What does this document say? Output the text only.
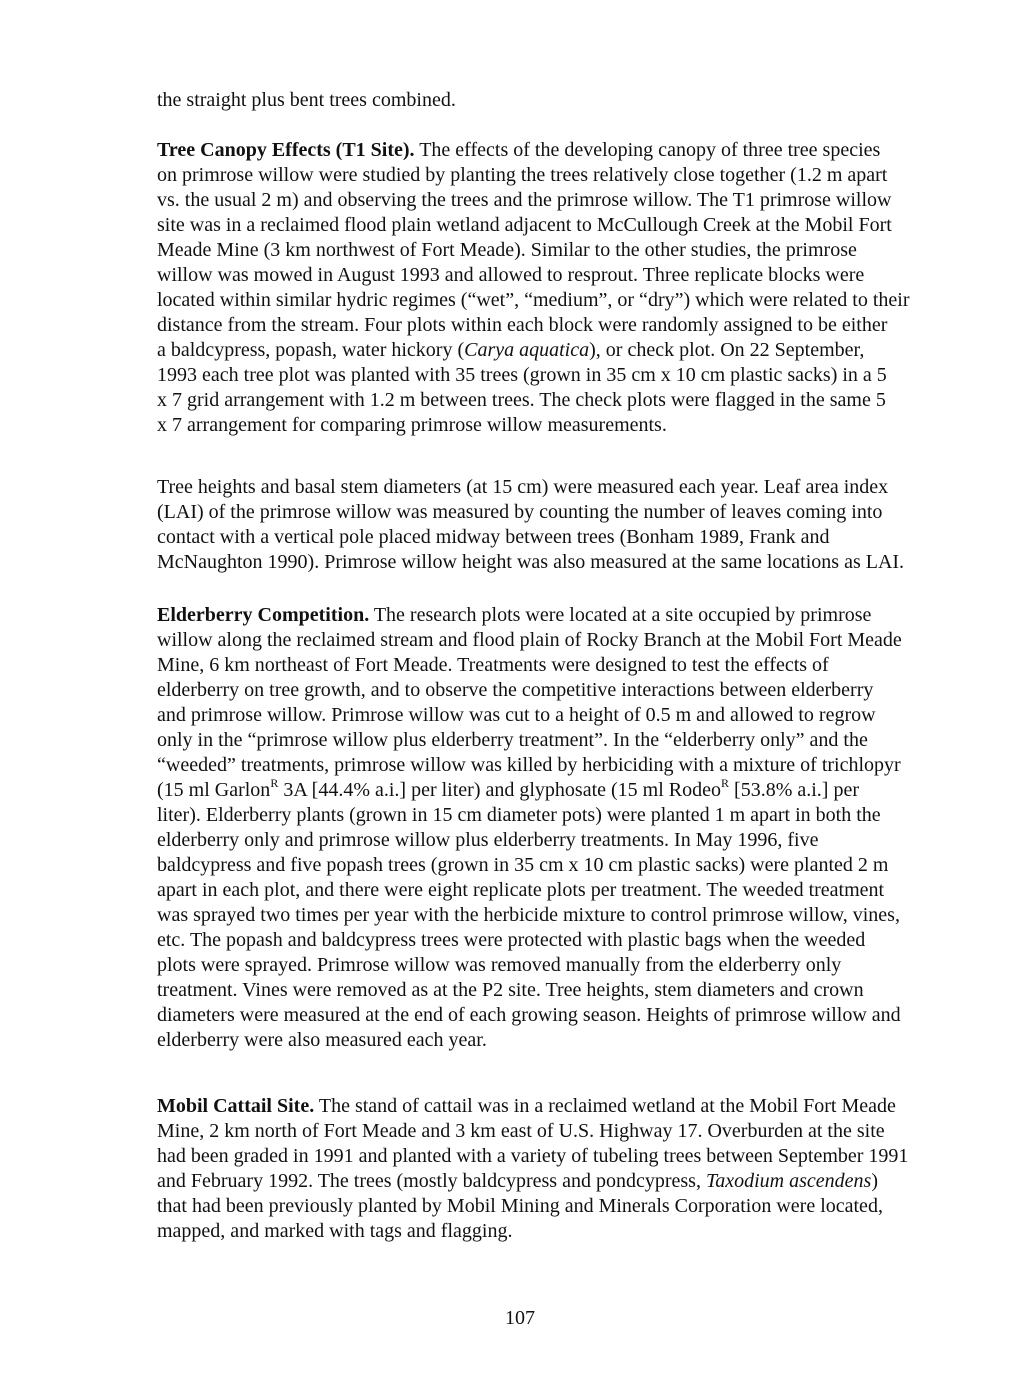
the straight plus bent trees combined.
Tree Canopy Effects (T1 Site). The effects of the developing canopy of three tree species
on primrose willow were studied by planting the trees relatively close together (1.2 m apart
vs. the usual 2 m) and observing the trees and the primrose willow. The T1 primrose willow
site was in a reclaimed flood plain wetland adjacent to McCullough Creek at the Mobil Fort
Meade Mine (3 km northwest of Fort Meade). Similar to the other studies, the primrose
willow was mowed in August 1993 and allowed to resprout. Three replicate blocks were
located within similar hydric regimes (“wet”, “medium”, or “dry”) which were related to their
distance from the stream. Four plots within each block were randomly assigned to be either
a baldcypress, popash, water hickory (Carya aquatica), or check plot. On 22 September,
1993 each tree plot was planted with 35 trees (grown in 35 cm x 10 cm plastic sacks) in a 5
x 7 grid arrangement with 1.2 m between trees. The check plots were flagged in the same 5
x 7 arrangement for comparing primrose willow measurements.
Tree heights and basal stem diameters (at 15 cm) were measured each year. Leaf area index
(LAI) of the primrose willow was measured by counting the number of leaves coming into
contact with a vertical pole placed midway between trees (Bonham 1989, Frank and
McNaughton 1990). Primrose willow height was also measured at the same locations as LAI.
Elderberry Competition. The research plots were located at a site occupied by primrose
willow along the reclaimed stream and flood plain of Rocky Branch at the Mobil Fort Meade
Mine, 6 km northeast of Fort Meade. Treatments were designed to test the effects of
elderberry on tree growth, and to observe the competitive interactions between elderberry
and primrose willow. Primrose willow was cut to a height of 0.5 m and allowed to regrow
only in the “primrose willow plus elderberry treatment”. In the “elderberry only” and the
“weeded” treatments, primrose willow was killed by herbiciding with a mixture of trichlopyr
(15 ml Garlon$^R$ 3A [44.4% a.i.] per liter) and glyphosate (15 ml Rodeo$^R$ [53.8% a.i.] per
liter). Elderberry plants (grown in 15 cm diameter pots) were planted 1 m apart in both the
elderberry only and primrose willow plus elderberry treatments. In May 1996, five
baldcypress and five popash trees (grown in 35 cm x 10 cm plastic sacks) were planted 2 m
apart in each plot, and there were eight replicate plots per treatment. The weeded treatment
was sprayed two times per year with the herbicide mixture to control primrose willow, vines,
etc. The popash and baldcypress trees were protected with plastic bags when the weeded
plots were sprayed. Primrose willow was removed manually from the elderberry only
treatment. Vines were removed as at the P2 site. Tree heights, stem diameters and crown
diameters were measured at the end of each growing season. Heights of primrose willow and
elderberry were also measured each year.
Mobil Cattail Site. The stand of cattail was in a reclaimed wetland at the Mobil Fort Meade
Mine, 2 km north of Fort Meade and 3 km east of U.S. Highway 17. Overburden at the site
had been graded in 1991 and planted with a variety of tubeling trees between September 1991
and February 1992. The trees (mostly baldcypress and pondcypress, Taxodium ascendens)
that had been previously planted by Mobil Mining and Minerals Corporation were located,
mapped, and marked with tags and flagging.
107
